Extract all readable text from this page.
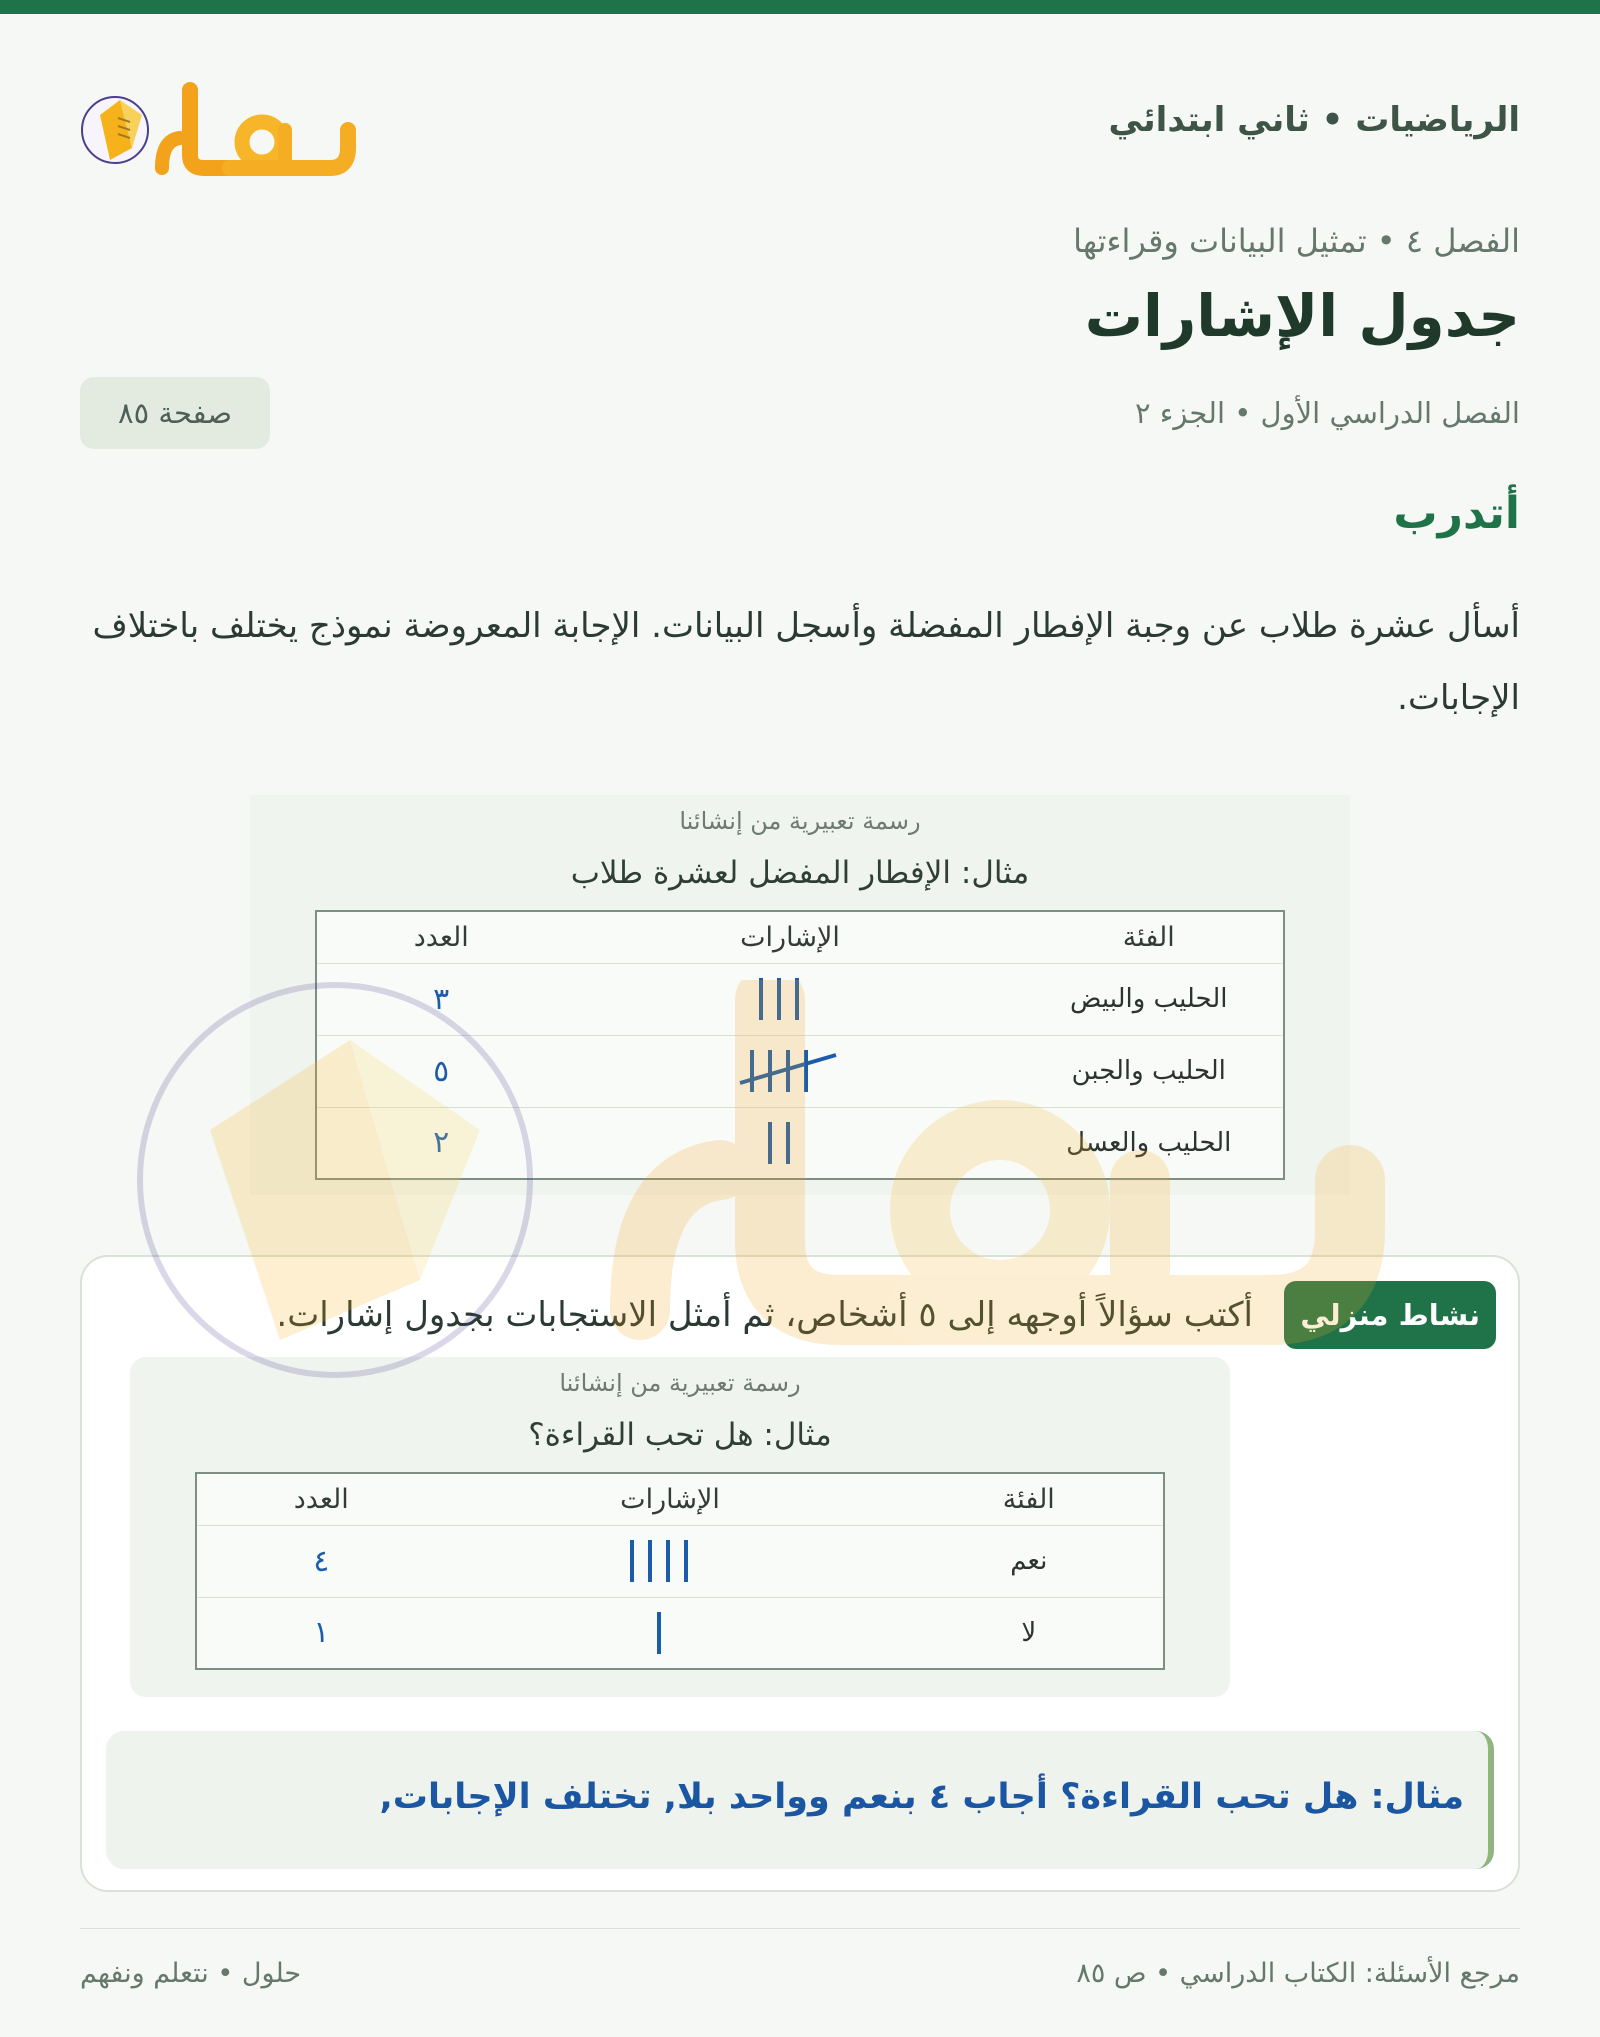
الرياضيات • ثاني ابتدائي
الفصل ٤ • تمثيل البيانات وقراءتها
جدول الإشارات
الفصل الدراسي الأول • الجزء ٢
صفحة ٨٥
أتدرب
أسأل عشرة طلاب عن وجبة الإفطار المفضلة وأسجل البيانات. الإجابة المعروضة نموذج يختلف باختلاف الإجابات.
رسمة تعبيرية من إنشائنا
مثال: الإفطار المفضل لعشرة طلاب
الفئة	الإشارات	العدد
الحليب والبيض		٣
الحليب والجبن		٥
الحليب والعسل		٢
نشاط منزلي
أكتب سؤالاً أوجهه إلى ٥ أشخاص، ثم أمثل الاستجابات بجدول إشارات.
رسمة تعبيرية من إنشائنا
مثال: هل تحب القراءة؟
الفئة	الإشارات	العدد
نعم		٤
لا		١
مثال: هل تحب القراءة؟ أجاب ٤ بنعم وواحد بلا, تختلف الإجابات,
مرجع الأسئلة: الكتاب الدراسي • ص ٨٥
حلول • نتعلم ونفهم
